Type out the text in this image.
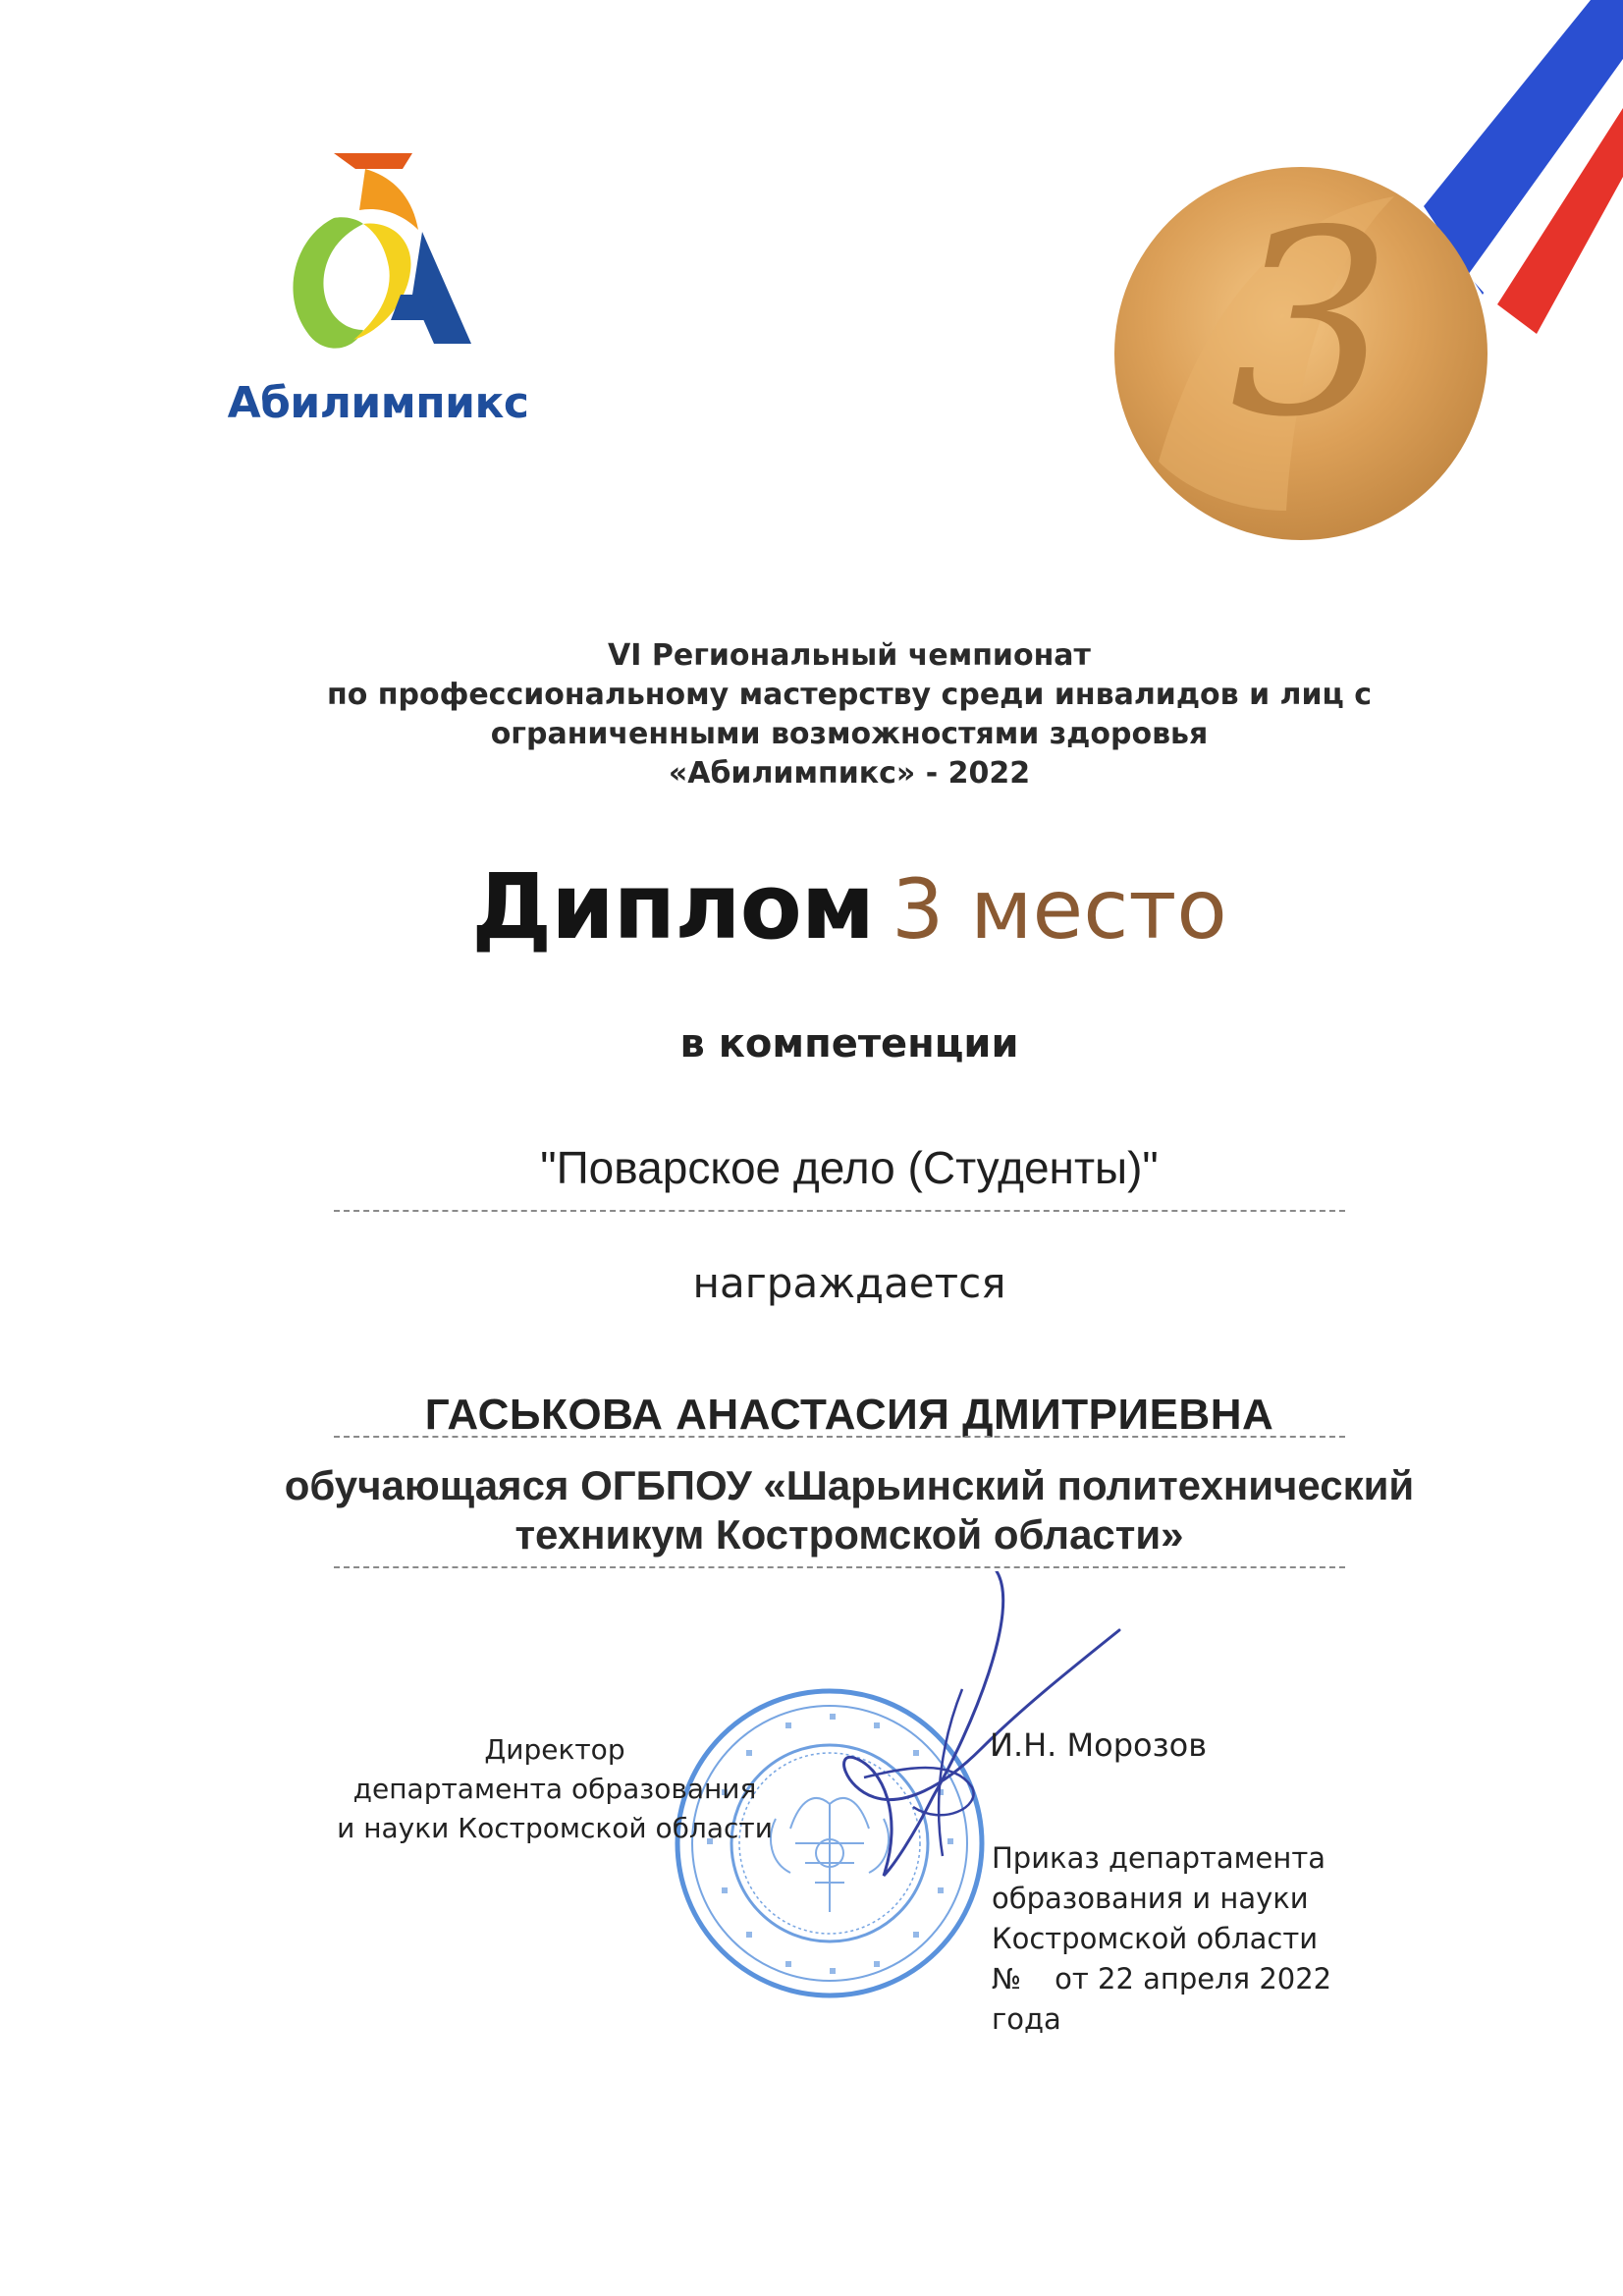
Абилимпикс	3
VI Региональный чемпионат
по профессиональному мастерству среди инвалидов и лиц с
ограниченными возможностями здоровья
«Абилимпикс» - 2022
Диплом 3 место
в компетенции
"Поварское дело (Студенты)"
награждается
ГАСЬКОВА АНАСТАСИЯ ДМИТРИЕВНА
обучающаяся ОГБПОУ «Шарьинский политехнический
техникум Костромской области»
Директор
департамента образования
и науки Костромской области
И.Н. Морозов
Приказ департамента
образования и науки
Костромской области
№ от 22 апреля 2022
года
